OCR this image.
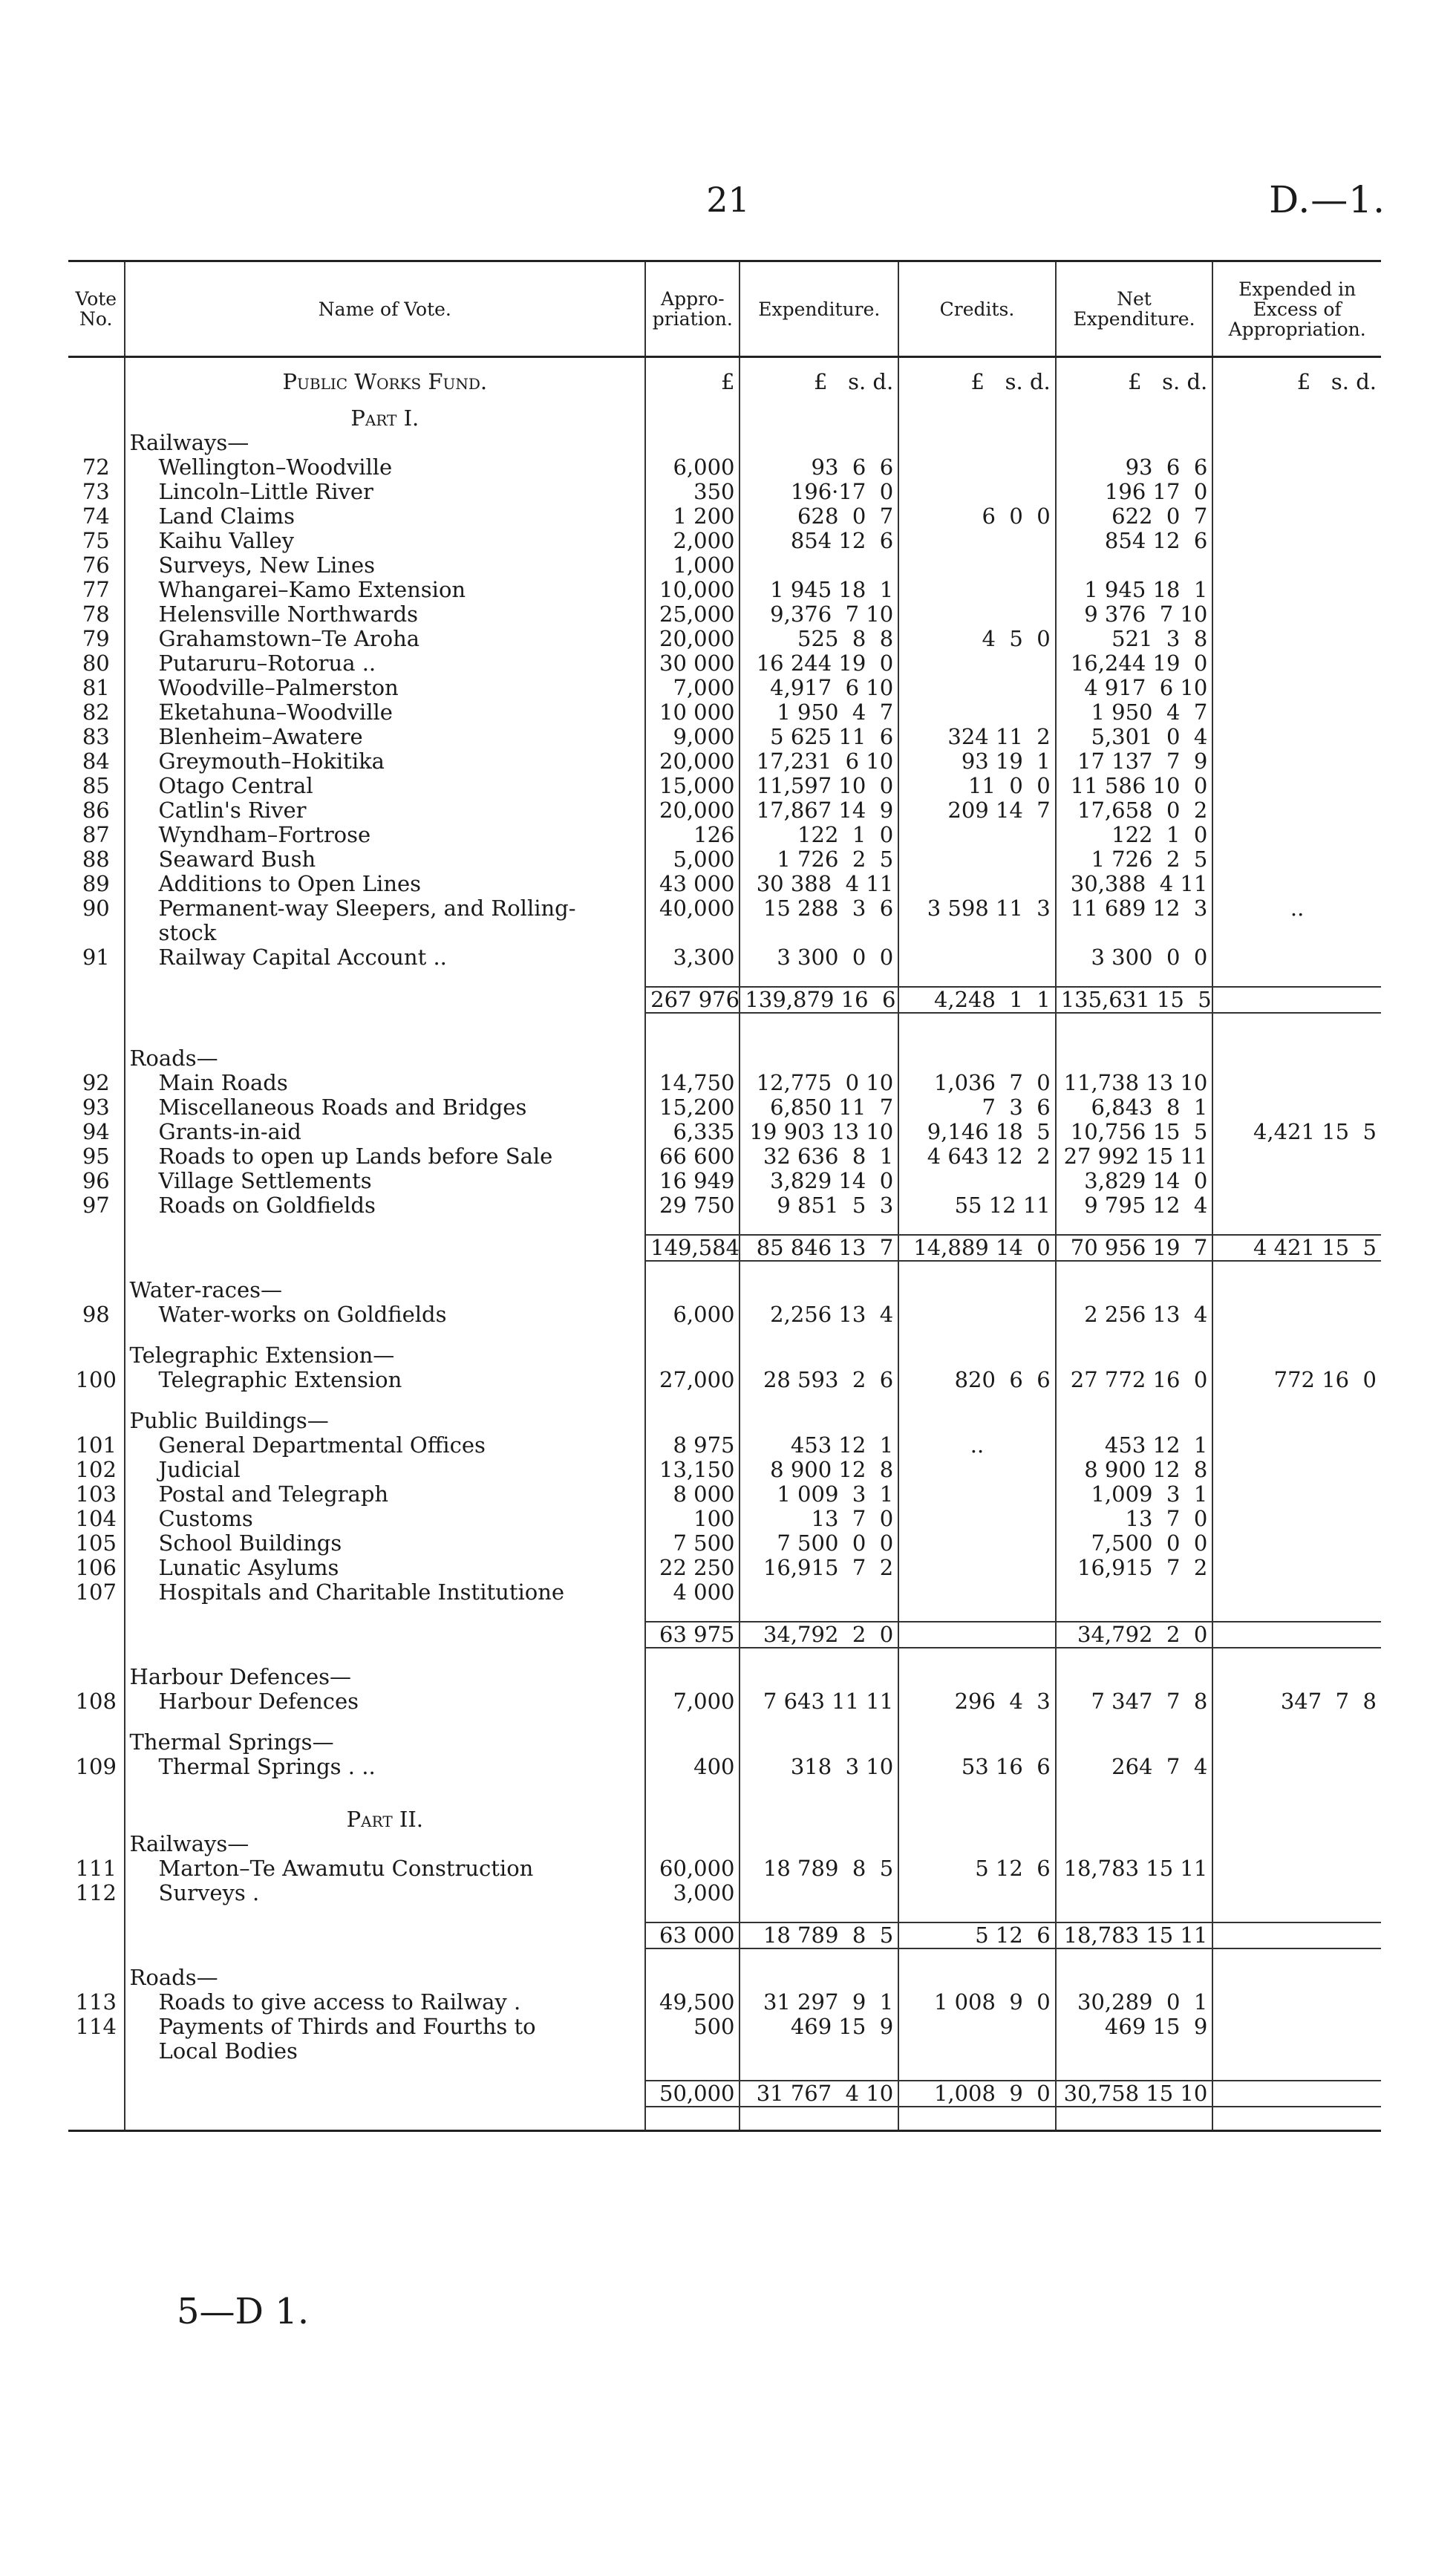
21	D.—1.
Vote No.	Name of Vote.	Appro-priation.	Expenditure.	Credits.	Net Expenditure.	Expended in Excess of Appropriation.
	Public Works Fund.	£	£   s. d.	£   s. d.	£   s. d.	£   s. d.

	Part I.					
	Railways—					
72	Wellington–Woodville	6,000	93  6  6		93  6  6	
73	Lincoln–Little River	350	196·17  0		196 17  0	
74	Land Claims	1 200	628  0  7	6  0  0	622  0  7	
75	Kaihu Valley	2,000	854 12  6		854 12  6	
76	Surveys, New Lines	1,000				
77	Whangarei–Kamo Extension	10,000	1 945 18  1		1 945 18  1	
78	Helensville Northwards	25,000	9,376  7 10		9 376  7 10	
79	Grahamstown–Te Aroha	20,000	525  8  8	4  5  0	521  3  8	
80	Putaruru–Rotorua ..	30 000	16 244 19  0		16,244 19  0	
81	Woodville–Palmerston	7,000	4,917  6 10		4 917  6 10	
82	Eketahuna–Woodville	10 000	1 950  4  7		1 950  4  7	
83	Blenheim–Awatere	9,000	5 625 11  6	324 11  2	5,301  0  4	
84	Greymouth–Hokitika	20,000	17,231  6 10	93 19  1	17 137  7  9	
85	Otago Central	15,000	11,597 10  0	11  0  0	11 586 10  0	
86	Catlin's River	20,000	17,867 14  9	209 14  7	17,658  0  2	
87	Wyndham–Fortrose	126	122  1  0		122  1  0	
88	Seaward Bush	5,000	1 726  2  5		1 726  2  5	
89	Additions to Open Lines	43 000	30 388  4 11		30,388  4 11	
90	Permanent-way Sleepers, and Rolling-
stock	40,000	15 288  3  6	3 598 11  3	11 689 12  3	..
91	Railway Capital Account ..	3,300	3 300  0  0		3 300  0  0	

		267 976	139,879 16  6	4,248  1  1	135,631 15  5	

	Roads—					
92	Main Roads	14,750	12,775  0 10	1,036  7  0	11,738 13 10	
93	Miscellaneous Roads and Bridges	15,200	6,850 11  7	7  3  6	6,843  8  1	
94	Grants-in-aid	6,335	19 903 13 10	9,146 18  5	10,756 15  5	4,421 15  5
95	Roads to open up Lands before Sale	66 600	32 636  8  1	4 643 12  2	27 992 15 11	
96	Village Settlements	16 949	3,829 14  0		3,829 14  0	
97	Roads on Goldfields	29 750	9 851  5  3	55 12 11	9 795 12  4	

		149,584	85 846 13  7	14,889 14  0	70 956 19  7	4 421 15  5

	Water-races—					
98	Water-works on Goldfields	6,000	2,256 13  4		2 256 13  4	

	Telegraphic Extension—					
100	Telegraphic Extension	27,000	28 593  2  6	820  6  6	27 772 16  0	772 16  0

	Public Buildings—					
101	General Departmental Offices	8 975	453 12  1	..	453 12  1	
102	Judicial	13,150	8 900 12  8		8 900 12  8	
103	Postal and Telegraph	8 000	1 009  3  1		1,009  3  1	
104	Customs	100	13  7  0		13  7  0	
105	School Buildings	7 500	7 500  0  0		7,500  0  0	
106	Lunatic Asylums	22 250	16,915  7  2		16,915  7  2	
107	Hospitals and Charitable Institutione	4 000				

		63 975	34,792  2  0		34,792  2  0	

	Harbour Defences—					
108	Harbour Defences	7,000	7 643 11 11	296  4  3	7 347  7  8	347  7  8

	Thermal Springs—					
109	Thermal Springs . ..	400	318  3 10	53 16  6	264  7  4	

	Part II.					
	Railways—					
111	Marton–Te Awamutu Construction	60,000	18 789  8  5	5 12  6	18,783 15 11	
112	Surveys .	3,000				

		63 000	18 789  8  5	5 12  6	18,783 15 11	

	Roads—					
113	Roads to give access to Railway .	49,500	31 297  9  1	1 008  9  0	30,289  0  1	
114	Payments of Thirds and Fourths to
Local Bodies	500	469 15  9		469 15  9	

		50,000	31 767  4 10	1,008  9  0	30,758 15 10	

5—D 1.
